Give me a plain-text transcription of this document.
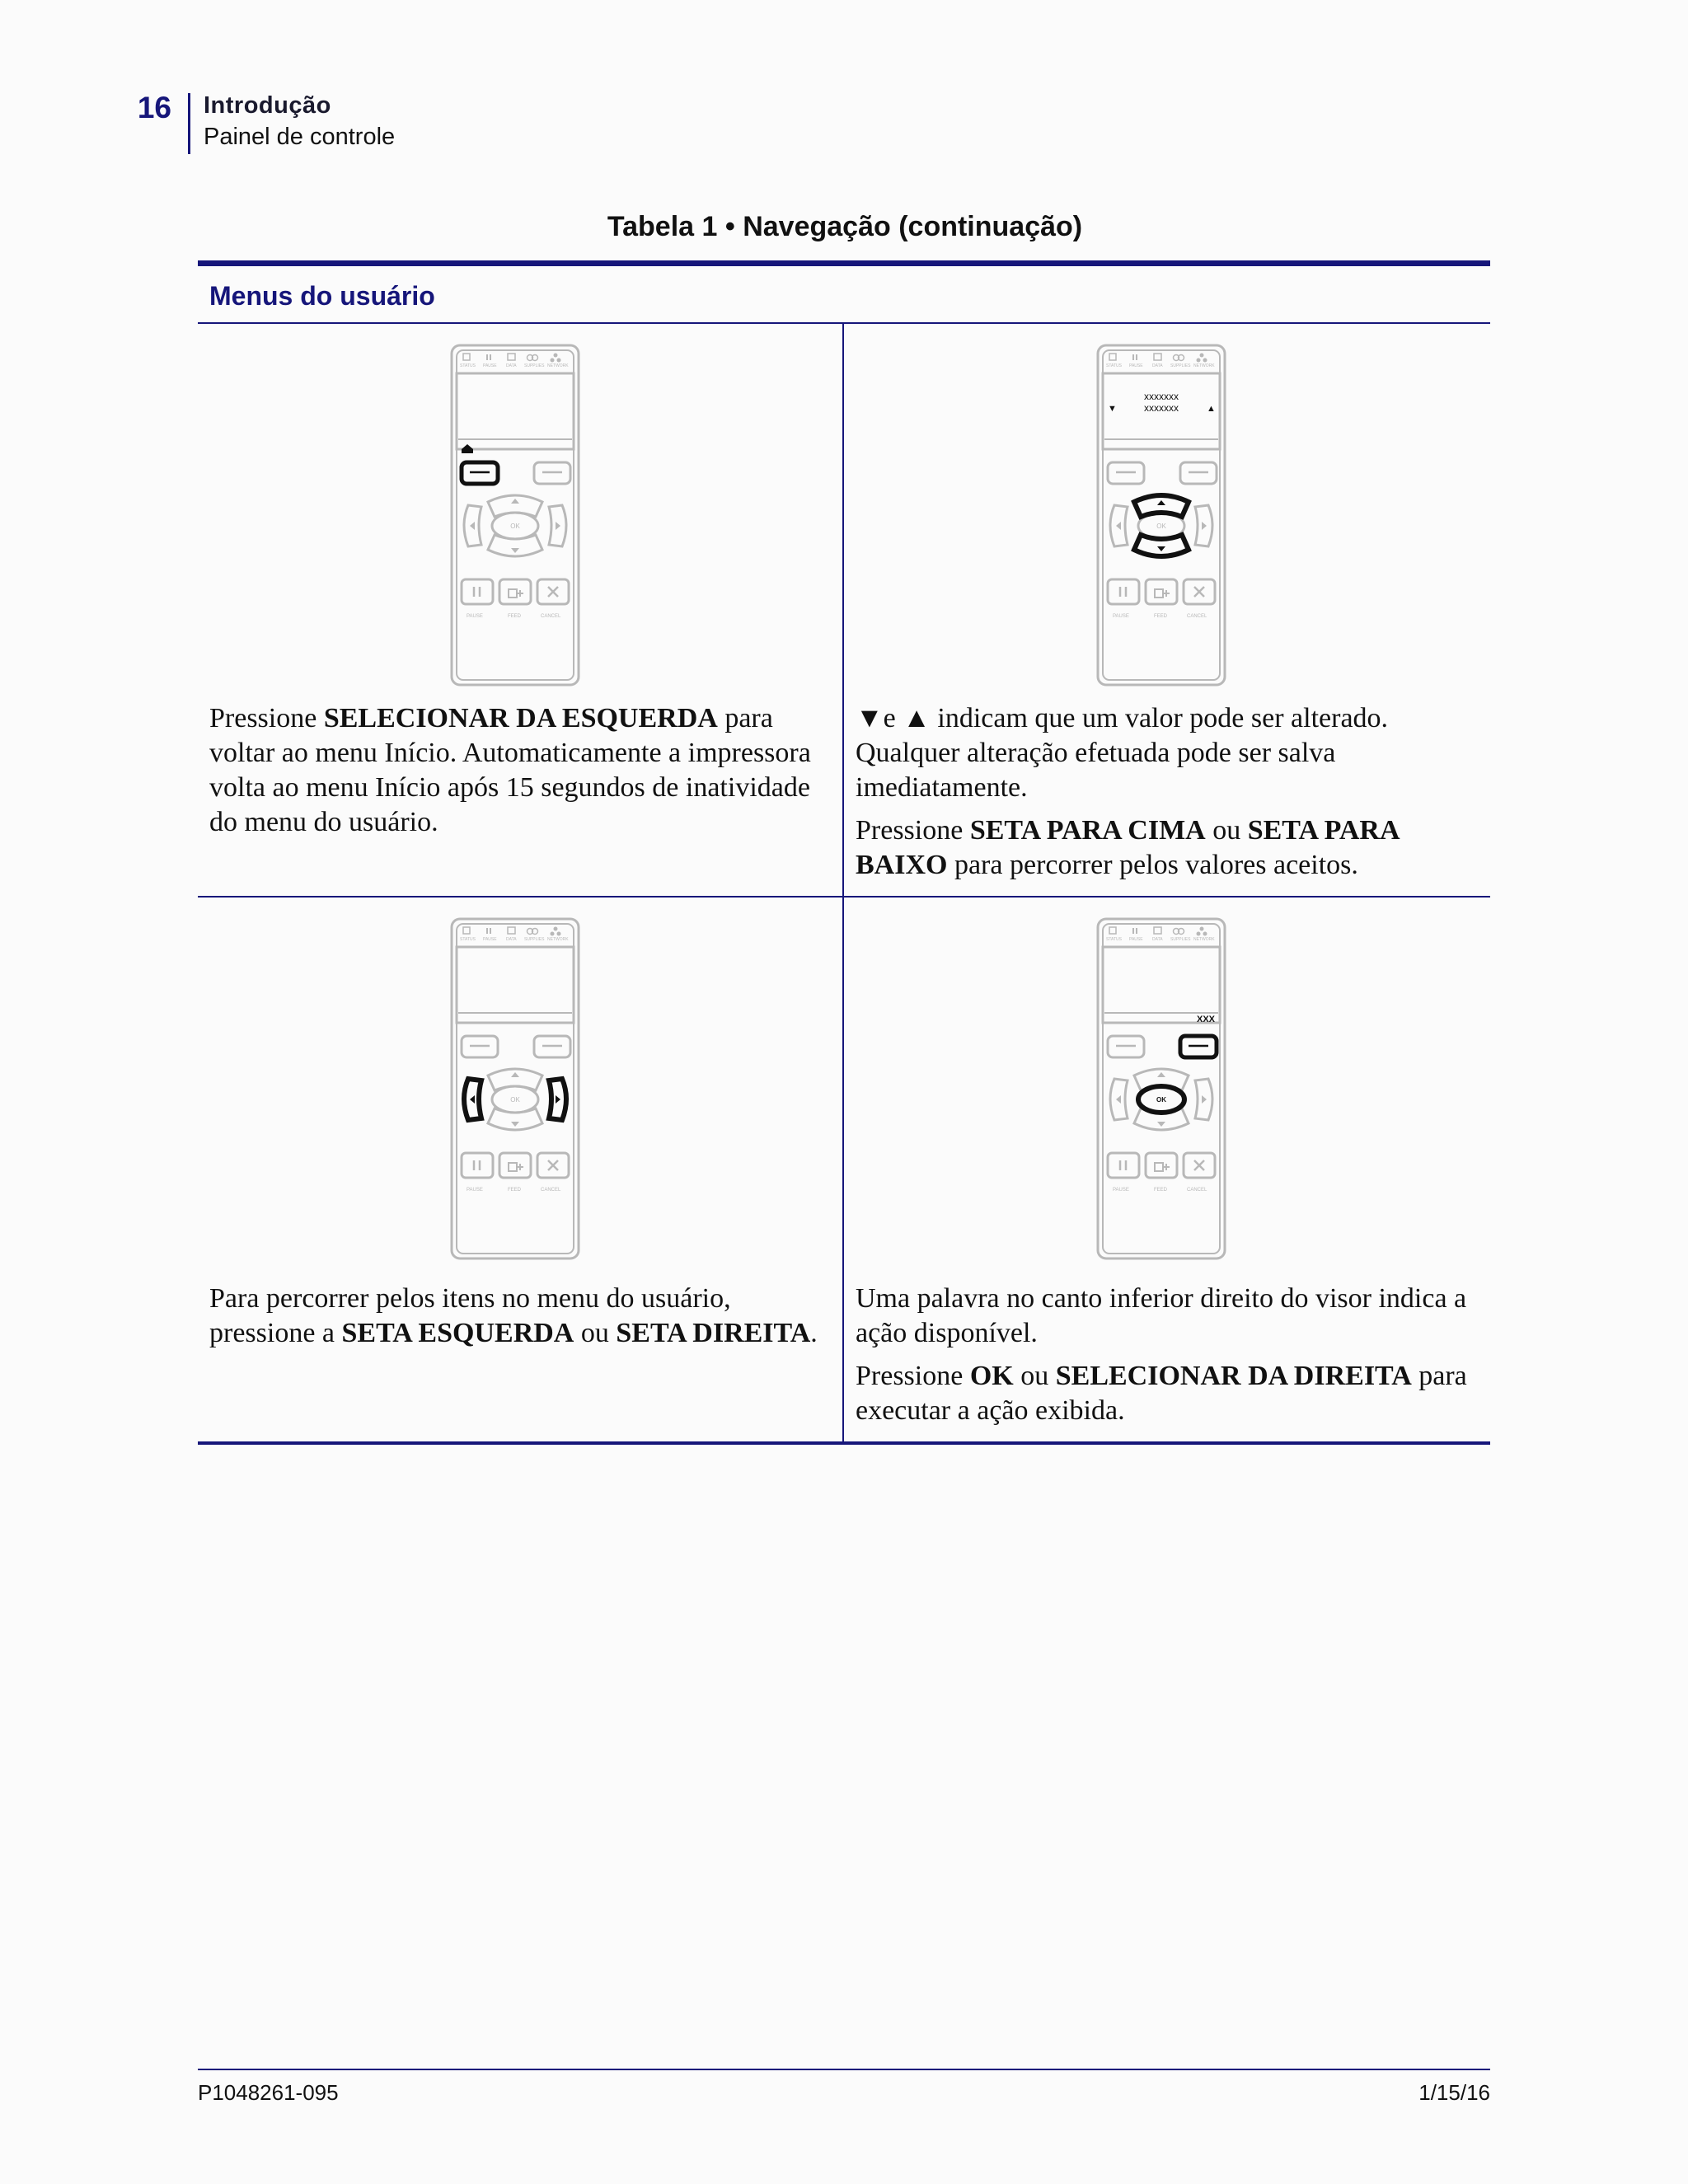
16 Introdução
Painel de controle
Tabela 1 • Navegação (continuação)
Menus do usuário
STATUS PAUSE DATA SUPPLIES NETWORK
OK
PAUSE	FEED	CANCEL

Pressione SELECIONAR DA ESQUERDA para voltar ao menu Início. Automaticamente a impressora volta ao menu Início após 15 segundos de inatividade do menu do usuário.

STATUS PAUSE DATA SUPPLIES NETWORK
xxxxxxx
xxxxxxx
▼	▲
OK
PAUSE	FEED	CANCEL

▼e ▲ indicam que um valor pode ser alterado. Qualquer alteração efetuada pode ser salva imediatamente.

Pressione SETA PARA CIMA ou SETA PARA BAIXO para percorrer pelos valores aceitos.

STATUS PAUSE DATA SUPPLIES NETWORK
OK
PAUSE	FEED	CANCEL

Para percorrer pelos itens no menu do usuário, pressione a SETA ESQUERDA ou SETA DIREITA.

STATUS PAUSE DATA SUPPLIES NETWORK
XXX
OK
PAUSE	FEED	CANCEL

Uma palavra no canto inferior direito do visor indica a ação disponível.

Pressione OK ou SELECIONAR DA DIREITA para executar a ação exibida.

P1048261-095	1/15/16
